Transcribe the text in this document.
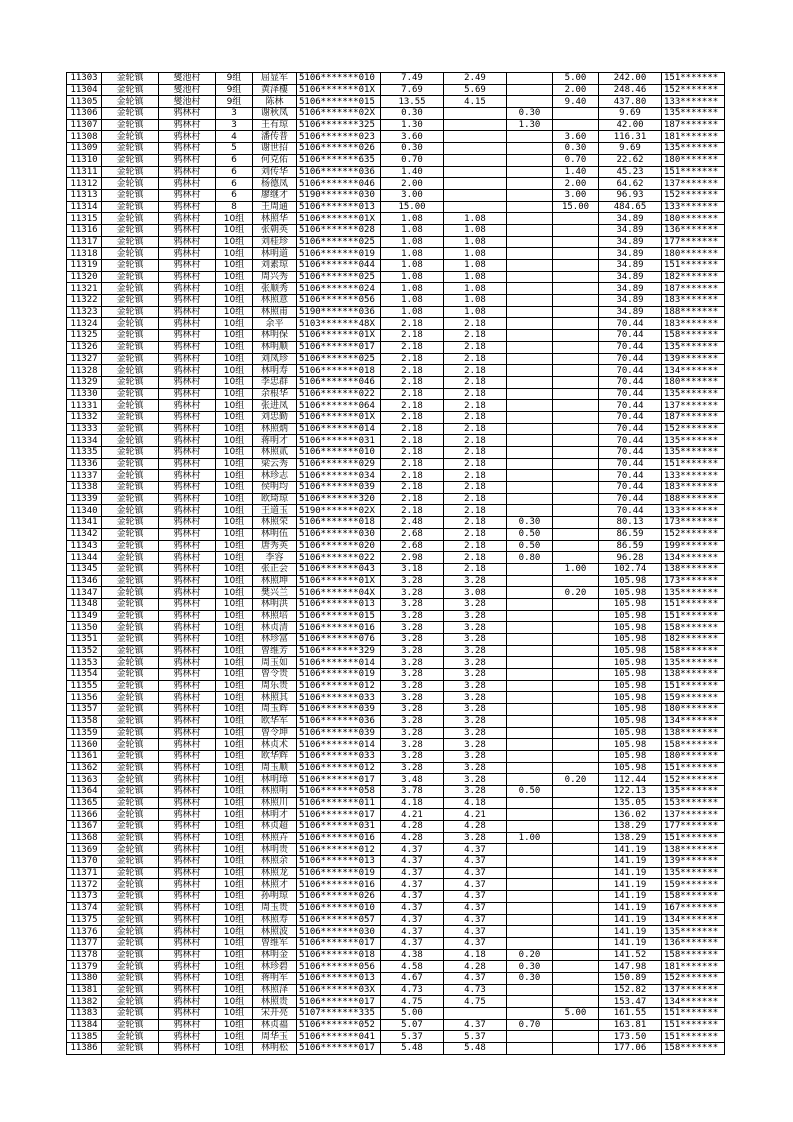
11303	金轮镇	燮池村	9组	屈显军	5106*******010	7.49	2.49		5.00	242.00	151*******
11304	金轮镇	燮池村	9组	黄泽樓	5106*******01X	7.69	5.69		2.00	248.46	152*******
11305	金轮镇	燮池村	9组	陈林	5106*******015	13.55	4.15		9.40	437.80	133*******
11306	金轮镇	鸦林村	3	谢秋凤	5106*******02X	0.30		0.30		9.69	135*******
11307	金轮镇	鸦林村	3	王有琼	5106*******325	1.30		1.30		42.00	187*******
11308	金轮镇	鸦林村	4	潘传普	5106*******023	3.60			3.60	116.31	181*******
11309	金轮镇	鸦林村	5	谢世招	5106*******026	0.30			0.30	9.69	135*******
11310	金轮镇	鸦林村	6	何克佑	5106*******635	0.70			0.70	22.62	180*******
11311	金轮镇	鸦林村	6	刘传华	5106*******036	1.40			1.40	45.23	151*******
11312	金轮镇	鸦林村	6	杨德凤	5106*******046	2.00			2.00	64.62	137*******
11313	金轮镇	鸦林村	6	廖继才	5190*******030	3.00			3.00	96.93	152*******
11314	金轮镇	鸦林村	8	王周通	5106*******013	15.00			15.00	484.65	133*******
11315	金轮镇	鸦林村	10组	林照华	5106*******01X	1.08	1.08			34.89	180*******
11316	金轮镇	鸦林村	10组	张朝英	5106*******028	1.08	1.08			34.89	136*******
11317	金轮镇	鸦林村	10组	刘桂珍	5106*******025	1.08	1.08			34.89	177*******
11318	金轮镇	鸦林村	10组	林明道	5106*******019	1.08	1.08			34.89	180*******
11319	金轮镇	鸦林村	10组	刘素琼	5106*******044	1.08	1.08			34.89	151*******
11320	金轮镇	鸦林村	10组	周兴秀	5106*******025	1.08	1.08			34.89	182*******
11321	金轮镇	鸦林村	10组	张顺秀	5106*******024	1.08	1.08			34.89	187*******
11322	金轮镇	鸦林村	10组	林照意	5106*******056	1.08	1.08			34.89	183*******
11323	金轮镇	鸦林村	10组	林照甫	5190*******036	1.08	1.08			34.89	188*******
11324	金轮镇	鸦林村	10组	余平	5103*******48X	2.18	2.18			70.44	183*******
11325	金轮镇	鸦林村	10组	林明保	5106*******01X	2.18	2.18			70.44	158*******
11326	金轮镇	鸦林村	10组	林明顺	5106*******017	2.18	2.18			70.44	135*******
11327	金轮镇	鸦林村	10组	刘凤珍	5106*******025	2.18	2.18			70.44	139*******
11328	金轮镇	鸦林村	10组	林明寿	5106*******018	2.18	2.18			70.44	134*******
11329	金轮镇	鸦林村	10组	李忠群	5106*******046	2.18	2.18			70.44	180*******
11330	金轮镇	鸦林村	10组	余根华	5106*******022	2.18	2.18			70.44	135*******
11331	金轮镇	鸦林村	10组	张进凤	5106*******064	2.18	2.18			70.44	137*******
11332	金轮镇	鸦林村	10组	刘忠勤	5106*******01X	2.18	2.18			70.44	187*******
11333	金轮镇	鸦林村	10组	林照炳	5106*******014	2.18	2.18			70.44	152*******
11334	金轮镇	鸦林村	10组	蒋明才	5106*******031	2.18	2.18			70.44	135*******
11335	金轮镇	鸦林村	10组	林照贰	5106*******010	2.18	2.18			70.44	135*******
11336	金轮镇	鸦林村	10组	梁云秀	5106*******029	2.18	2.18			70.44	151*******
11337	金轮镇	鸦林村	10组	林珍志	5106*******034	2.18	2.18			70.44	133*******
11338	金轮镇	鸦林村	10组	侯明均	5106*******039	2.18	2.18			70.44	183*******
11339	金轮镇	鸦林村	10组	欧琦琼	5106*******320	2.18	2.18			70.44	188*******
11340	金轮镇	鸦林村	10组	王道玉	5190*******02X	2.18	2.18			70.44	133*******
11341	金轮镇	鸦林村	10组	林照荣	5106*******018	2.48	2.18	0.30		80.13	173*******
11342	金轮镇	鸦林村	10组	林明伍	5106*******030	2.68	2.18	0.50		86.59	152*******
11343	金轮镇	鸦林村	10组	唐秀英	5106*******020	2.68	2.18	0.50		86.59	199*******
11344	金轮镇	鸦林村	10组	李容	5106*******022	2.98	2.18	0.80		96.28	134*******
11345	金轮镇	鸦林村	10组	张正会	5106*******043	3.18	2.18		1.00	102.74	138*******
11346	金轮镇	鸦林村	10组	林照坤	5106*******01X	3.28	3.28			105.98	173*******
11347	金轮镇	鸦林村	10组	樊兴兰	5106*******04X	3.28	3.08		0.20	105.98	135*******
11348	金轮镇	鸦林村	10组	林明洪	5106*******013	3.28	3.28			105.98	151*******
11349	金轮镇	鸦林村	10组	林照培	5106*******015	3.28	3.28			105.98	151*******
11350	金轮镇	鸦林村	10组	林贞清	5106*******016	3.28	3.28			105.98	158*******
11351	金轮镇	鸦林村	10组	林珍富	5106*******076	3.28	3.28			105.98	182*******
11352	金轮镇	鸦林村	10组	曾维芳	5106*******329	3.28	3.28			105.98	158*******
11353	金轮镇	鸦林村	10组	周玉如	5106*******014	3.28	3.28			105.98	135*******
11354	金轮镇	鸦林村	10组	曾令贵	5106*******019	3.28	3.28			105.98	138*******
11355	金轮镇	鸦林村	10组	周乐贵	5106*******012	3.28	3.28			105.98	151*******
11356	金轮镇	鸦林村	10组	林照其	5106*******033	3.28	3.28			105.98	159*******
11357	金轮镇	鸦林村	10组	周玉辉	5106*******039	3.28	3.28			105.98	180*******
11358	金轮镇	鸦林村	10组	欧华军	5106*******036	3.28	3.28			105.98	134*******
11359	金轮镇	鸦林村	10组	曾令坤	5106*******039	3.28	3.28			105.98	138*******
11360	金轮镇	鸦林村	10组	林贞术	5106*******014	3.28	3.28			105.98	158*******
11361	金轮镇	鸦林村	10组	欧华辉	5106*******033	3.28	3.28			105.98	180*******
11362	金轮镇	鸦林村	10组	周玉顺	5106*******012	3.28	3.28			105.98	151*******
11363	金轮镇	鸦林村	10组	林明璋	5106*******017	3.48	3.28		0.20	112.44	152*******
11364	金轮镇	鸦林村	10组	林照明	5106*******058	3.78	3.28	0.50		122.13	135*******
11365	金轮镇	鸦林村	10组	林照川	5106*******011	4.18	4.18			135.05	153*******
11366	金轮镇	鸦林村	10组	林明才	5106*******017	4.21	4.21			136.02	137*******
11367	金轮镇	鸦林村	10组	林贞超	5106*******031	4.28	4.28			138.29	177*******
11368	金轮镇	鸦林村	10组	林照卉	5106*******016	4.28	3.28	1.00		138.29	151*******
11369	金轮镇	鸦林村	10组	林明贵	5106*******012	4.37	4.37			141.19	138*******
11370	金轮镇	鸦林村	10组	林照余	5106*******013	4.37	4.37			141.19	139*******
11371	金轮镇	鸦林村	10组	林照龙	5106*******019	4.37	4.37			141.19	135*******
11372	金轮镇	鸦林村	10组	林照才	5106*******016	4.37	4.37			141.19	159*******
11373	金轮镇	鸦林村	10组	孙明琼	5106*******026	4.37	4.37			141.19	158*******
11374	金轮镇	鸦林村	10组	周玉贵	5106*******010	4.37	4.37			141.19	167*******
11375	金轮镇	鸦林村	10组	林照寿	5106*******057	4.37	4.37			141.19	134*******
11376	金轮镇	鸦林村	10组	林照波	5106*******030	4.37	4.37			141.19	135*******
11377	金轮镇	鸦林村	10组	曾维军	5106*******017	4.37	4.37			141.19	136*******
11378	金轮镇	鸦林村	10组	林明金	5106*******018	4.38	4.18	0.20		141.52	158*******
11379	金轮镇	鸦林村	10组	林珍碧	5106*******056	4.58	4.28	0.30		147.98	181*******
11380	金轮镇	鸦林村	10组	蒋明军	5106*******013	4.67	4.37	0.30		150.89	152*******
11381	金轮镇	鸦林村	10组	林照泽	5106*******03X	4.73	4.73			152.82	137*******
11382	金轮镇	鸦林村	10组	林照贵	5106*******017	4.75	4.75			153.47	134*******
11383	金轮镇	鸦林村	10组	宋开亮	5107*******335	5.00			5.00	161.55	151*******
11384	金轮镇	鸦林村	10组	林贞福	5106*******052	5.07	4.37	0.70		163.81	151*******
11385	金轮镇	鸦林村	10组	周华玉	5106*******041	5.37	5.37			173.50	151*******
11386	金轮镇	鸦林村	10组	林明松	5106*******017	5.48	5.48			177.06	158*******
